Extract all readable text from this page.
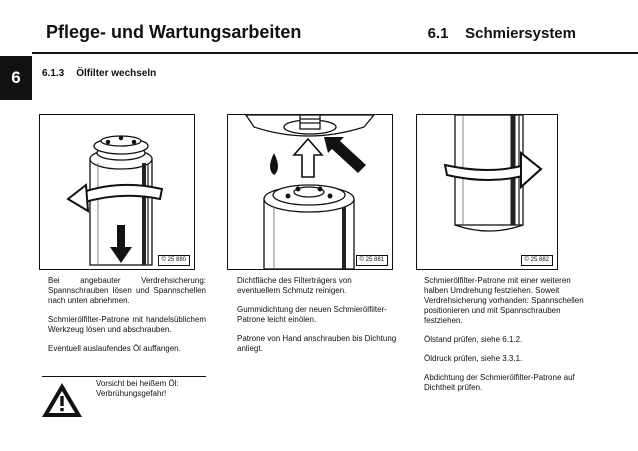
Pflege- und Wartungsarbeiten	6.1 Schmiersystem
6	6.1.3 Ölfilter wechseln
© 25 880	© 25 881	© 25 882

Bei angebauter Verdrehsicherung: Spannschrauben lösen und Spannschellen nach unten abnehmen.

Schmierölfilter-Patrone mit handelsüblichem Werkzeug lösen und abschrauben.

Eventuell auslaufendes Öl auffangen.

Dichtfläche des Filterträgers von eventuellem Schmutz reinigen.

Gummidichtung der neuen Schmierölfilter-Patrone leicht einölen.

Patrone von Hand anschrauben bis Dichtung anliegt.

Schmierölfilter-Patrone mit einer weiteren halben Umdrehung festziehen. Soweit Verdrehsicherung vorhanden: Spannschellen positionieren und mit Spannschrauben festziehen.

Ölstand prüfen, siehe 6.1.2.

Öldruck prüfen, siehe 3.3.1.

Abdichtung der Schmierölfilter-Patrone auf Dichtheit prüfen.

Vorsicht bei heißem Öl:
Verbrühungsgefahr!
